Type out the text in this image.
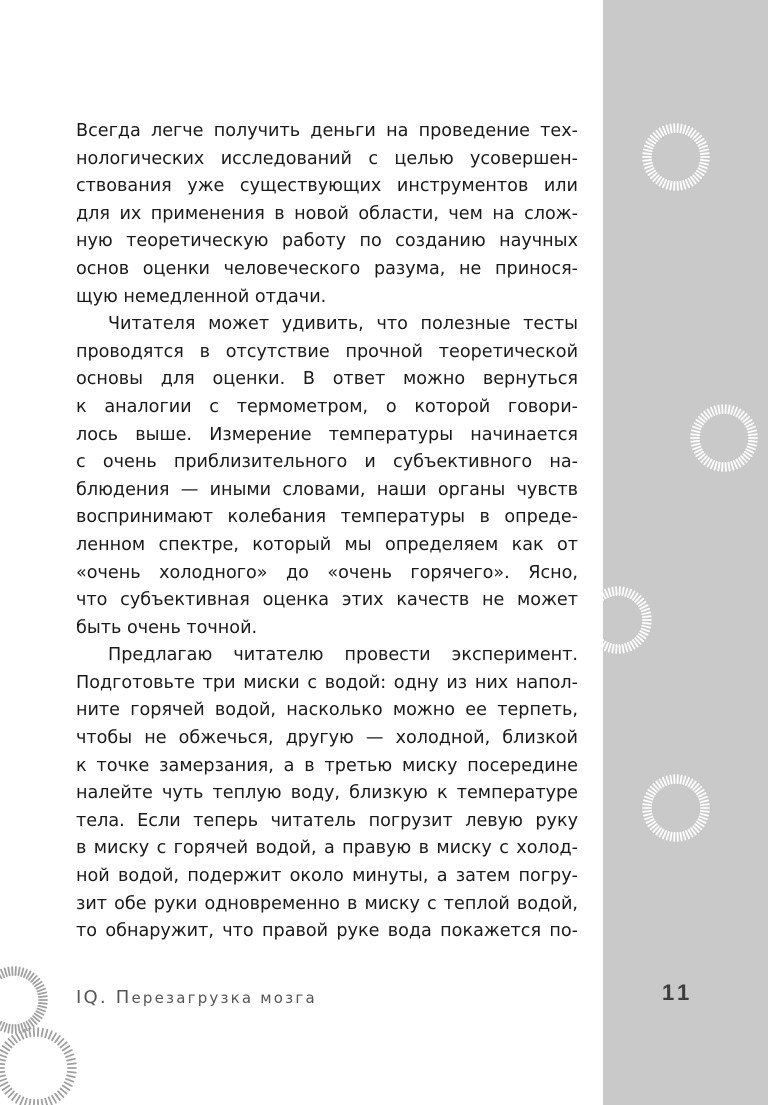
Всегда легче получить деньги на проведение тех-
нологических исследований с целью усовершен-
ствования уже существующих инструментов или
для их применения в новой области, чем на слож-
ную теоретическую работу по созданию научных
основ оценки человеческого разума, не принося-
щую немедленной отдачи.
Читателя может удивить, что полезные тесты
проводятся в отсутствие прочной теоретической
основы для оценки. В ответ можно вернуться
к аналогии с термометром, о которой говори-
лось выше. Измерение температуры начинается
с очень приблизительного и субъективного на-
блюдения — иными словами, наши органы чувств
воспринимают колебания температуры в опреде-
ленном спектре, который мы определяем как от
«очень холодного» до «очень горячего». Ясно,
что субъективная оценка этих качеств не может
быть очень точной.
Предлагаю читателю провести эксперимент.
Подготовьте три миски с водой: одну из них напол-
ните горячей водой, насколько можно ее терпеть,
чтобы не обжечься, другую — холодной, близкой
к точке замерзания, а в третью миску посередине
налейте чуть теплую воду, близкую к температуре
тела. Если теперь читатель погрузит левую руку
в миску с горячей водой, а правую в миску с холод-
ной водой, подержит около минуты, а затем погру-
зит обе руки одновременно в миску с теплой водой,
то обнаружит, что правой руке вода покажется по-
IQ. Перезагрузка мозга	11
